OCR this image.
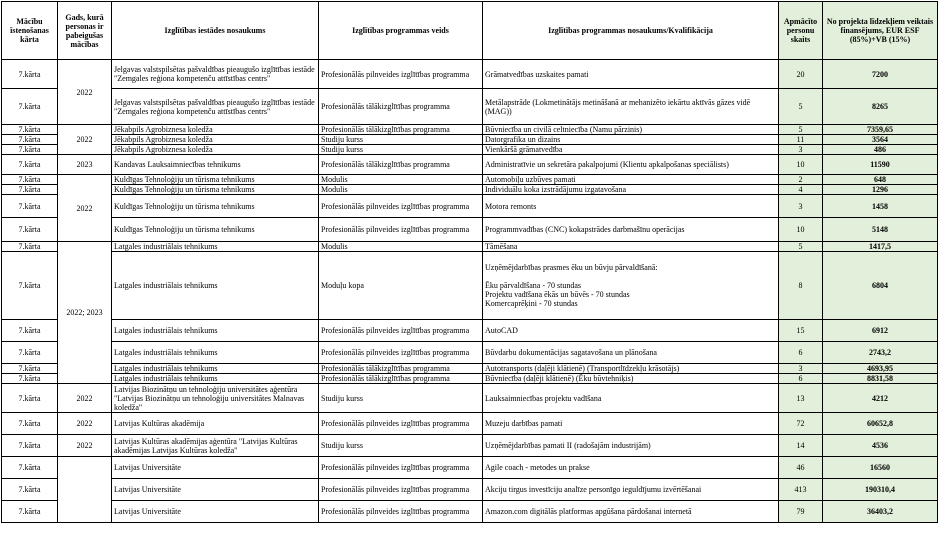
Mācību īstenošanas kārta	Gads, kurā personas ir pabeigušas mācības	Izglītības iestādes nosaukums	Izglītības programmas veids	Izglītības programmas nosaukums/Kvalifikācija	Apmācīto personu skaits	No projekta līdzekļiem veiktais finansējums, EUR ESF (85%)+VB (15%)
7.kārta	2022	Jelgavas valstspilsētas pašvaldības pieaugušo izglītības iestāde "Zemgales reģiona kompetenču attīstības centrs"	Profesionālās pilnveides izglītības programma	Grāmatvedības uzskaites pamati	20	7200
7.kārta		Jelgavas valstspilsētas pašvaldības pieaugušo izglītības iestāde "Zemgales reģiona kompetenču attīstības centrs"	Profesionālās tālākizglītības programma	Metālapstrāde (Lokmetinātājs metināšanā ar mehanizēto iekārtu aktīvās gāzes vidē (MAG))	5	8265
7.kārta	2022	Jēkabpils Agrobiznesa koledža	Profesionālās tālākizglītības programma	Būvniecība un civilā celtniecība (Namu pārzinis)	5	7359,65
7.kārta		Jēkabpils Agrobiznesa koledža	Studiju kurss	Datorgrafika un dizains	11	3564
7.kārta		Jēkabpils Agrobiznesa koledža	Studiju kurss	Vienkāršā grāmatvedība	3	486
7.kārta	2023	Kandavas Lauksaimniecības tehnikums	Profesionālās tālākizglītības programma	Administratīvie un sekretāra pakalpojumi (Klientu apkalpošanas speciālists)	10	11590
7.kārta	2022	Kuldīgas Tehnoloģiju un tūrisma tehnikums	Modulis	Automobiļu uzbūves pamati	2	648
7.kārta		Kuldīgas Tehnoloģiju un tūrisma tehnikums	Modulis	Individuālu koka izstrādājumu izgatavošana	4	1296
7.kārta		Kuldīgas Tehnoloģiju un tūrisma tehnikums	Profesionālās pilnveides izglītības programma	Motora remonts	3	1458
7.kārta		Kuldīgas Tehnoloģiju un tūrisma tehnikums	Profesionālās pilnveides izglītības programma	Programmvadības (CNC) kokapstrādes darbmašīnu operācijas	10	5148
7.kārta	2022; 2023	Latgales industriālais tehnikums	Modulis	Tāmēšana	5	1417,5
7.kārta		Latgales industriālais tehnikums	Moduļu kopa	Uzņēmējdarbības prasmes ēku un būvju pārvaldīšanā:

Ēku pārvaldīšana - 70 stundas
Projektu vadīšana ēkās un būvēs - 70 stundas
Komercaprēķini - 70 stundas	8	6804
7.kārta		Latgales industriālais tehnikums	Profesionālās pilnveides izglītības programma	AutoCAD	15	6912
7.kārta		Latgales industriālais tehnikums	Profesionālās pilnveides izglītības programma	Būvdarbu dokumentācijas sagatavošana un plānošana	6	2743,2
7.kārta		Latgales industriālais tehnikums	Profesionālās tālākizglītības programma	Autotransports (daļēji klātienē) (Transportlīdzekļu krāsotājs)	3	4693,95
7.kārta		Latgales industriālais tehnikums	Profesionālās tālākizglītības programma	Būvniecība (daļēji klātienē) (Ēku būvtehniķis)	6	8831,58
7.kārta	2022	Latvijas Biozinātņu un tehnoloģiju universitātes aģentūra "Latvijas Biozinātņu un tehnoloģiju universitātes Malnavas koledža"	Studiju kurss	Lauksaimniecības projektu vadīšana	13	4212
7.kārta	2022	Latvijas Kultūras akadēmija	Profesionālās pilnveides izglītības programma	Muzeju darbības pamati	72	60652,8
7.kārta	2022	Latvijas Kultūras akadēmijas aģentūra "Latvijas Kultūras akadēmijas Latvijas Kultūras koledža"	Studiju kurss	Uzņēmējdarbības pamati II (radošajām industrijām)	14	4536
7.kārta		Latvijas Universitāte	Profesionālās pilnveides izglītības programma	Agile coach - metodes un prakse	46	16560
7.kārta		Latvijas Universitāte	Profesionālās pilnveides izglītības programma	Akciju tirgus investīciju analīze personīgo ieguldījumu izvērtēšanai	413	190310,4
7.kārta		Latvijas Universitāte	Profesionālās pilnveides izglītības programma	Amazon.com digitālās platformas apgūšana pārdošanai internetā	79	36403,2
